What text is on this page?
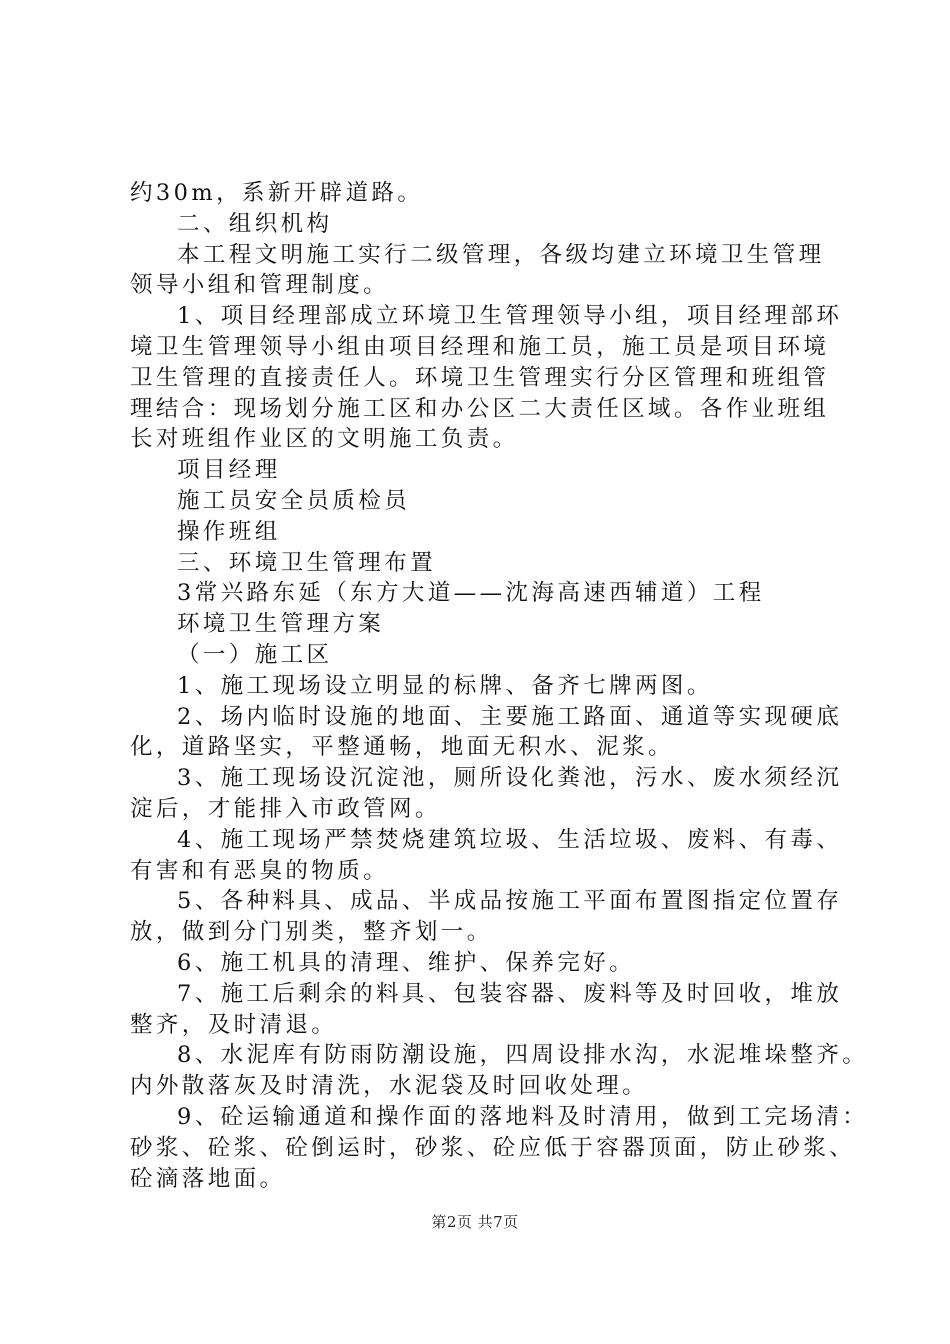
约30m，系新开辟道路。
二、组织机构
本工程文明施工实行二级管理，各级均建立环境卫生管理
领导小组和管理制度。
1、项目经理部成立环境卫生管理领导小组，项目经理部环
境卫生管理领导小组由项目经理和施工员，施工员是项目环境
卫生管理的直接责任人。环境卫生管理实行分区管理和班组管
理结合：现场划分施工区和办公区二大责任区域。各作业班组
长对班组作业区的文明施工负责。
项目经理
施工员安全员质检员
操作班组
三、环境卫生管理布置
3常兴路东延（东方大道——沈海高速西辅道）工程
环境卫生管理方案
（一）施工区
1、施工现场设立明显的标牌、备齐七牌两图。
2、场内临时设施的地面、主要施工路面、通道等实现硬底
化，道路坚实，平整通畅，地面无积水、泥浆。
3、施工现场设沉淀池，厕所设化粪池，污水、废水须经沉
淀后，才能排入市政管网。
4、施工现场严禁焚烧建筑垃圾、生活垃圾、废料、有毒、
有害和有恶臭的物质。
5、各种料具、成品、半成品按施工平面布置图指定位置存
放，做到分门别类，整齐划一。
6、施工机具的清理、维护、保养完好。
7、施工后剩余的料具、包装容器、废料等及时回收，堆放
整齐，及时清退。
8、水泥库有防雨防潮设施，四周设排水沟，水泥堆垛整齐。
内外散落灰及时清洗，水泥袋及时回收处理。
9、砼运输通道和操作面的落地料及时清用，做到工完场清：
砂浆、砼浆、砼倒运时，砂浆、砼应低于容器顶面，防止砂浆、
砼滴落地面。
第2页 共7页
